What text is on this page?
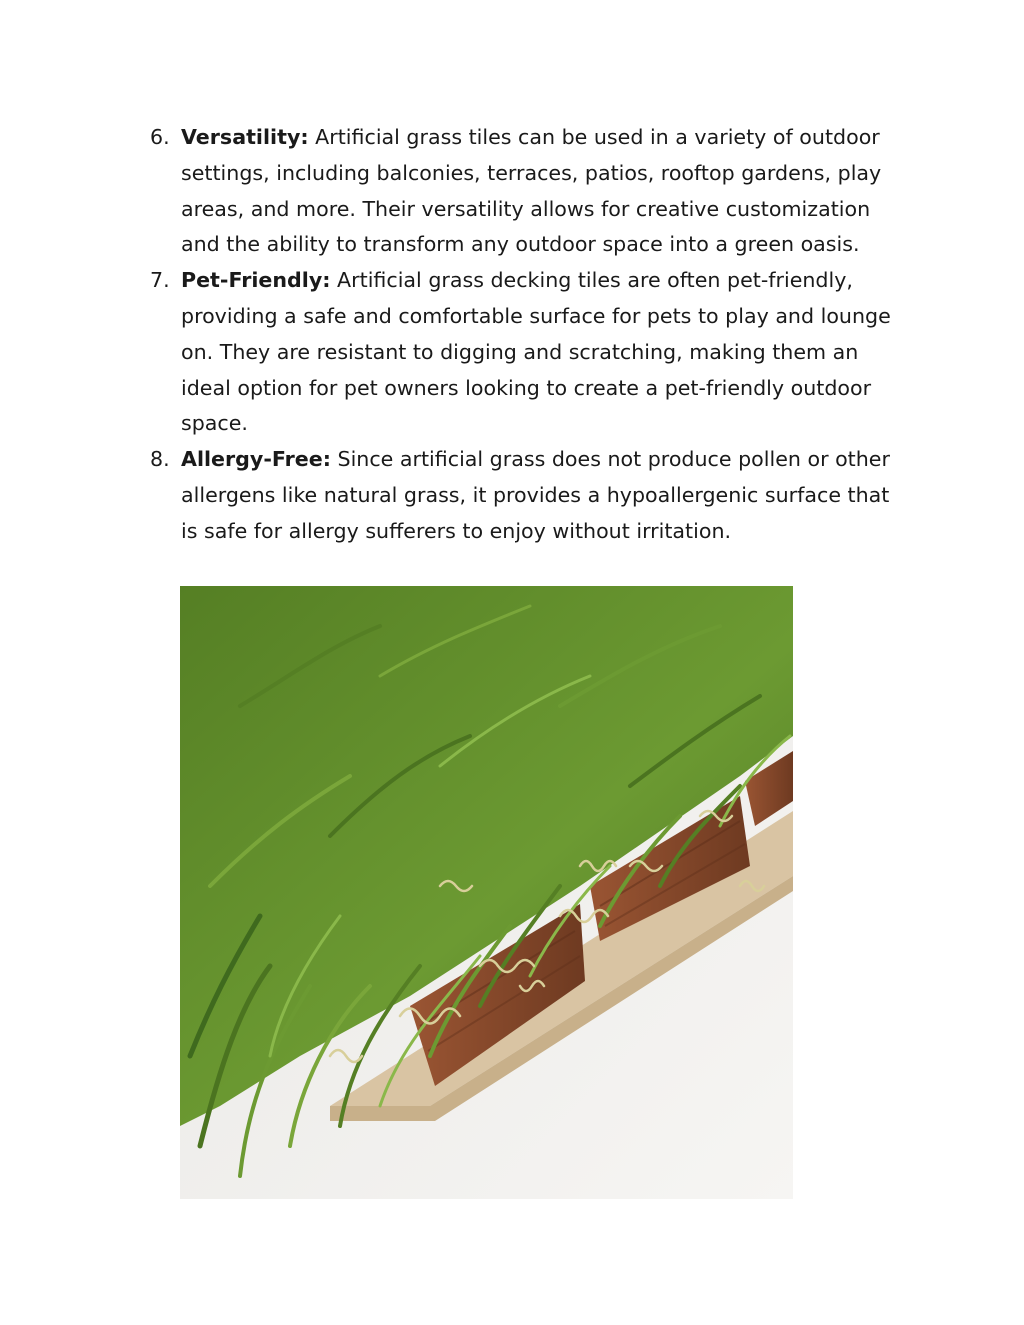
6. Versatility: Artificial grass tiles can be used in a variety of outdoor settings, including balconies, terraces, patios, rooftop gardens, play areas, and more. Their versatility allows for creative customization and the ability to transform any outdoor space into a green oasis.
7. Pet-Friendly: Artificial grass decking tiles are often pet-friendly, providing a safe and comfortable surface for pets to play and lounge on. They are resistant to digging and scratching, making them an ideal option for pet owners looking to create a pet-friendly outdoor space.
8. Allergy-Free: Since artificial grass does not produce pollen or other allergens like natural grass, it provides a hypoallergenic surface that is safe for allergy sufferers to enjoy without irritation.
